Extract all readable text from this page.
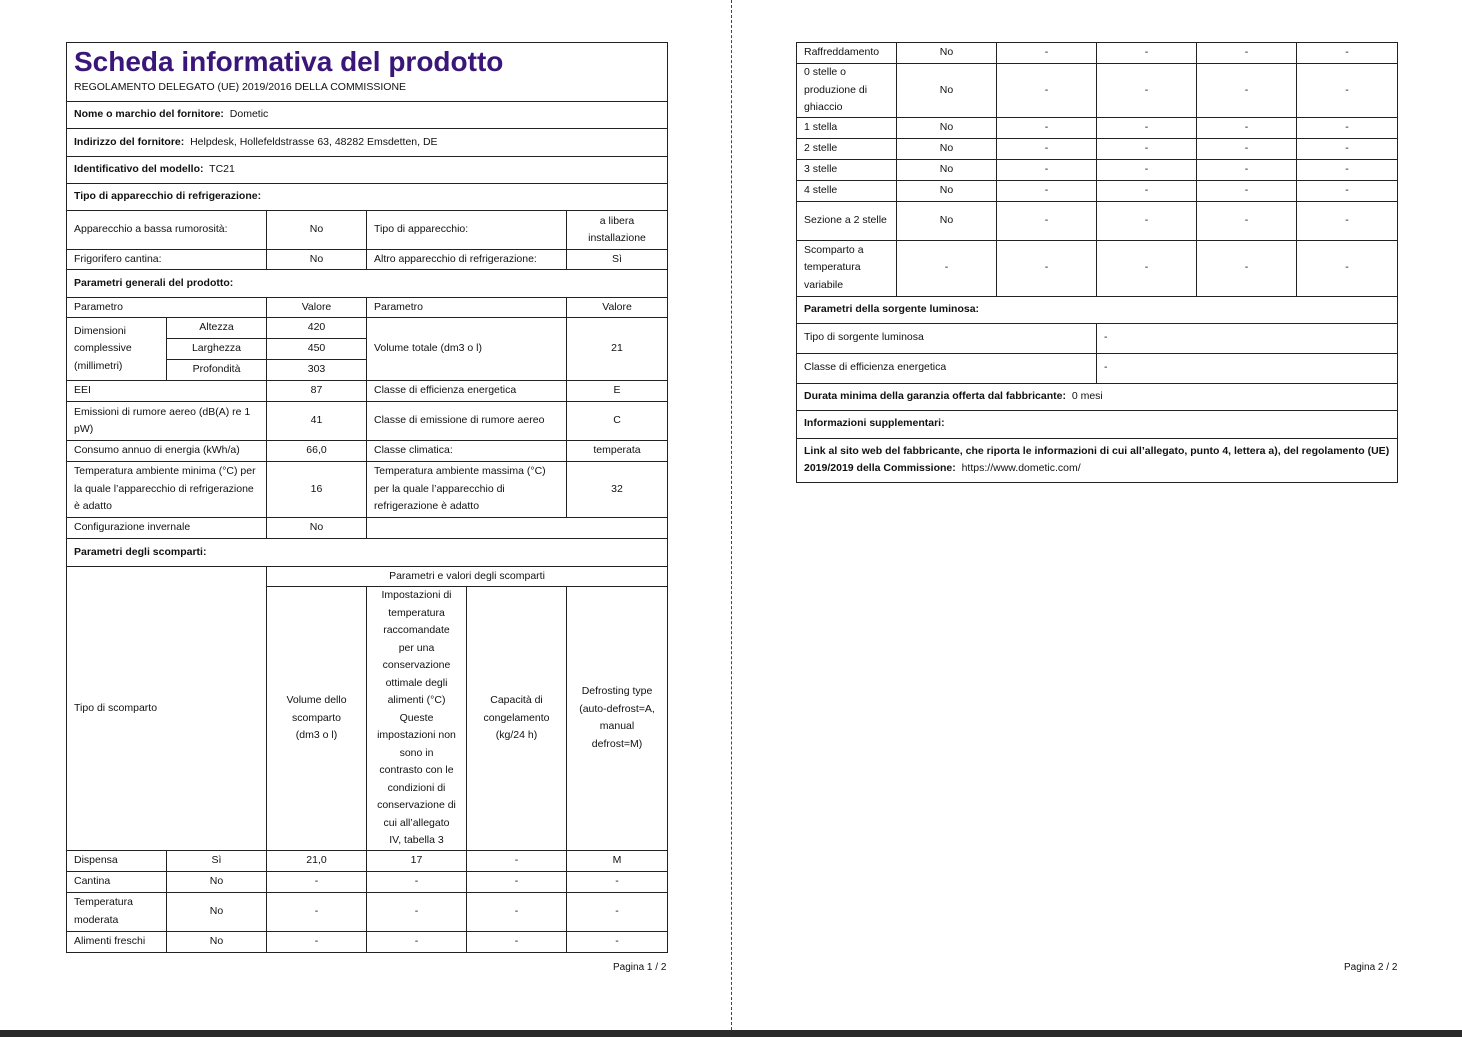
Scheda informativa del prodotto
REGOLAMENTO DELEGATO (UE) 2019/2016 DELLA COMMISSIONE					

Nome o marchio del fornitore: Dometic					
Indirizzo del fornitore: Helpdesk, Hollefeldstrasse 63, 48282 Emsdetten, DE					
Identificativo del modello: TC21					
Tipo di apparecchio di refrigerazione:					
Apparecchio a bassa rumorosità:		No	Tipo di apparecchio:		a libera installazione
Frigorifero cantina:		No	Altro apparecchio di refrigerazione:		Sì
Parametri generali del prodotto:					
Parametro		Valore	Parametro		Valore
Dimensioni complessive (millimetri)	Altezza	420	Volume totale (dm3 o l)		21
	Larghezza	450			
	Profondità	303			
EEI		87	Classe di efficienza energetica		E
Emissioni di rumore aereo (dB(A) re 1 pW)		41	Classe di emissione di rumore aereo		C
Consumo annuo di energia (kWh/a)		66,0	Classe climatica:		temperata
Temperatura ambiente minima (°C) per la quale l’apparecchio di refrigerazione è adatto		16	Temperatura ambiente massima (°C) per la quale l’apparecchio di refrigerazione è adatto		32
Configurazione invernale		No			
Parametri degli scomparti:					
Tipo di scomparto		Parametri e valori degli scomparti			
		Volume dello scomparto (dm3 o l)	Impostazioni di temperatura raccomandate per una conservazione ottimale degli alimenti (°C) Queste impostazioni non sono in contrasto con le condizioni di conservazione di cui all’allegato IV, tabella 3	Capacità di congelamento (kg/24 h)	Defrosting type (auto-defrost=A, manual defrost=M)
Dispensa	Sì	21,0	17	-	M
Cantina	No	-	-	-	-
Temperatura moderata	No	-	-	-	-
Alimenti freschi	No	-	-	-	-
Pagina 1 / 2
Raffreddamento	No	-	-	-	-
0 stelle o produzione di ghiaccio	No	-	-	-	-
1 stella	No	-	-	-	-
2 stelle	No	-	-	-	-
3 stelle	No	-	-	-	-
4 stelle	No	-	-	-	-
Sezione a 2 stelle	No	-	-	-	-
Scomparto a temperatura variabile	-	-	-	-	-
Parametri della sorgente luminosa:					
Tipo di sorgente luminosa			-		
Classe di efficienza energetica			-		
Durata minima della garanzia offerta dal fabbricante: 0 mesi					
Informazioni supplementari:					
Link al sito web del fabbricante, che riporta le informazioni di cui all’allegato, punto 4, lettera a), del regolamento (UE) 2019/2019 della Commissione: https://www.dometic.com/					
Pagina 2 / 2
